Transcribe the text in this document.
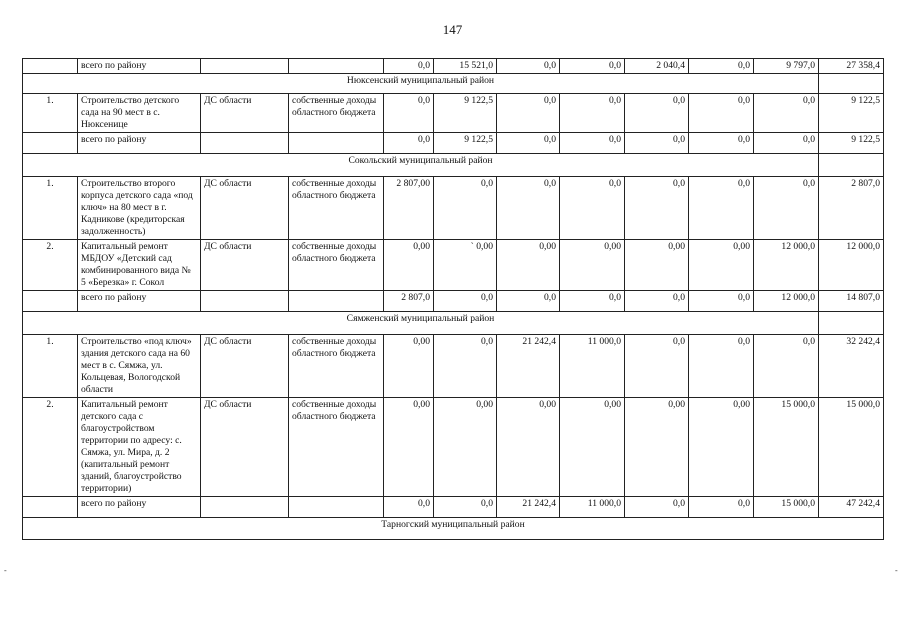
147
	всего по району			0,0	15 521,0	0,0	0,0	2 040,4	0,0	9 797,0	27 358,4
Нюксенский муниципальный район											
1.	Строительство детского сада на 90 мест в с. Нюксенице	ДС области	собственные доходы областного бюджета	0,0	9 122,5	0,0	0,0	0,0	0,0	0,0	9 122,5
	всего по району			0,0	9 122,5	0,0	0,0	0,0	0,0	0,0	9 122,5
Сокольский муниципальный район											
1.	Строительство второго корпуса детского сада «под ключ» на 80 мест в г. Кадникове (кредиторская задолженность)	ДС области	собственные доходы областного бюджета	2 807,00	0,0	0,0	0,0	0,0	0,0	0,0	2 807,0
2.	Капитальный ремонт МБДОУ «Детский сад комбинированного вида № 5 «Березка» г. Сокол	ДС области	собственные доходы областного бюджета	0,00	` 0,00	0,00	0,00	0,00	0,00	12 000,0	12 000,0
	всего по району			2 807,0	0,0	0,0	0,0	0,0	0,0	12 000,0	14 807,0
Сямженский муниципальный район											
1.	Строительство «под ключ» здания детского сада на 60 мест в с. Сямжа, ул. Кольцевая, Вологодской области	ДС области	собственные доходы областного бюджета	0,00	0,0	21 242,4	11 000,0	0,0	0,0	0,0	32 242,4
2.	Капитальный ремонт детского сада с благоустройством территории по адресу: с. Сямжа, ул. Мира, д. 2 (капитальный ремонт зданий, благоустройство территории)	ДС области	собственные доходы областного бюджета	0,00	0,00	0,00	0,00	0,00	0,00	15 000,0	15 000,0
	всего по району			0,0	0,0	21 242,4	11 000,0	0,0	0,0	15 000,0	47 242,4
Тарногский муниципальный район											
-	-
